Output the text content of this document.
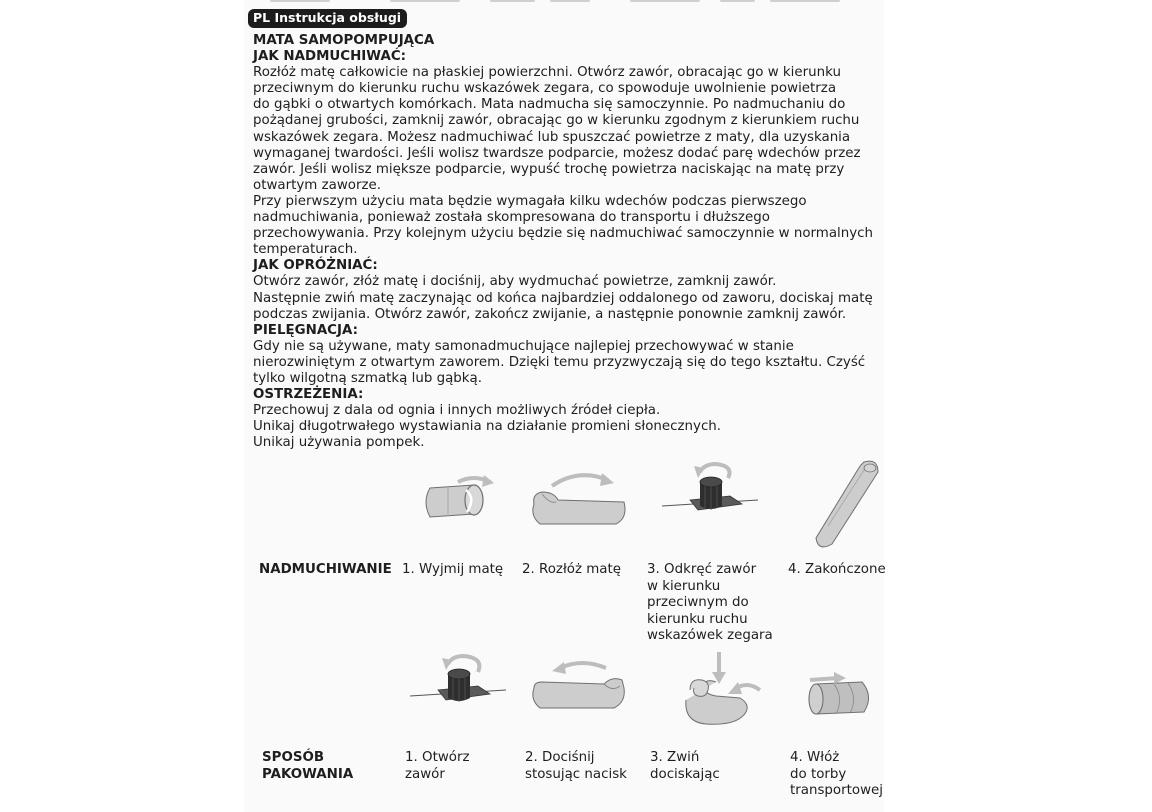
PL Instrukcja obsługi
MATA SAMOPOMPUJĄCA
JAK NADMUCHIWAĆ:
Rozłóż matę całkowicie na płaskiej powierzchni. Otwórz zawór, obracając go w kierunku
przeciwnym do kierunku ruchu wskazówek zegara, co spowoduje uwolnienie powietrza
do gąbki o otwartych komórkach. Mata nadmucha się samoczynnie. Po nadmuchaniu do
pożądanej grubości, zamknij zawór, obracając go w kierunku zgodnym z kierunkiem ruchu
wskazówek zegara. Możesz nadmuchiwać lub spuszczać powietrze z maty, dla uzyskania
wymaganej twardości. Jeśli wolisz twardsze podparcie, możesz dodać parę wdechów przez
zawór. Jeśli wolisz miększe podparcie, wypuść trochę powietrza naciskając na matę przy
otwartym zaworze.
Przy pierwszym użyciu mata będzie wymagała kilku wdechów podczas pierwszego
nadmuchiwania, ponieważ została skompresowana do transportu i dłuższego
przechowywania. Przy kolejnym użyciu będzie się nadmuchiwać samoczynnie w normalnych
temperaturach.
JAK OPRÓŻNIAĆ:
Otwórz zawór, złóż matę i dociśnij, aby wydmuchać powietrze, zamknij zawór.
Następnie zwiń matę zaczynając od końca najbardziej oddalonego od zaworu, dociskaj matę
podczas zwijania. Otwórz zawór, zakończ zwijanie, a następnie ponownie zamknij zawór.
PIELĘGNACJA:
Gdy nie są używane, maty samonadmuchujące najlepiej przechowywać w stanie
nierozwiniętym z otwartym zaworem. Dzięki temu przyzwyczają się do tego kształtu. Czyść
tylko wilgotną szmatką lub gąbką.
OSTRZEŻENIA:
Przechowuj z dala od ognia i innych możliwych źródeł ciepła.
Unikaj długotrwałego wystawiania na działanie promieni słonecznych.
Unikaj używania pompek.
NADMUCHIWANIE 1. Wyjmij matę 2. Rozłóż matę 3. Odkręć zawór
w kierunku
przeciwnym do
kierunku ruchu
wskazówek zegara
4. Zakończone
SPOSÓB
PAKOWANIA
1. Otwórz
zawór
2. Dociśnij
stosując nacisk
3. Zwiń
dociskając
4. Włóż
do torby
transportowej
